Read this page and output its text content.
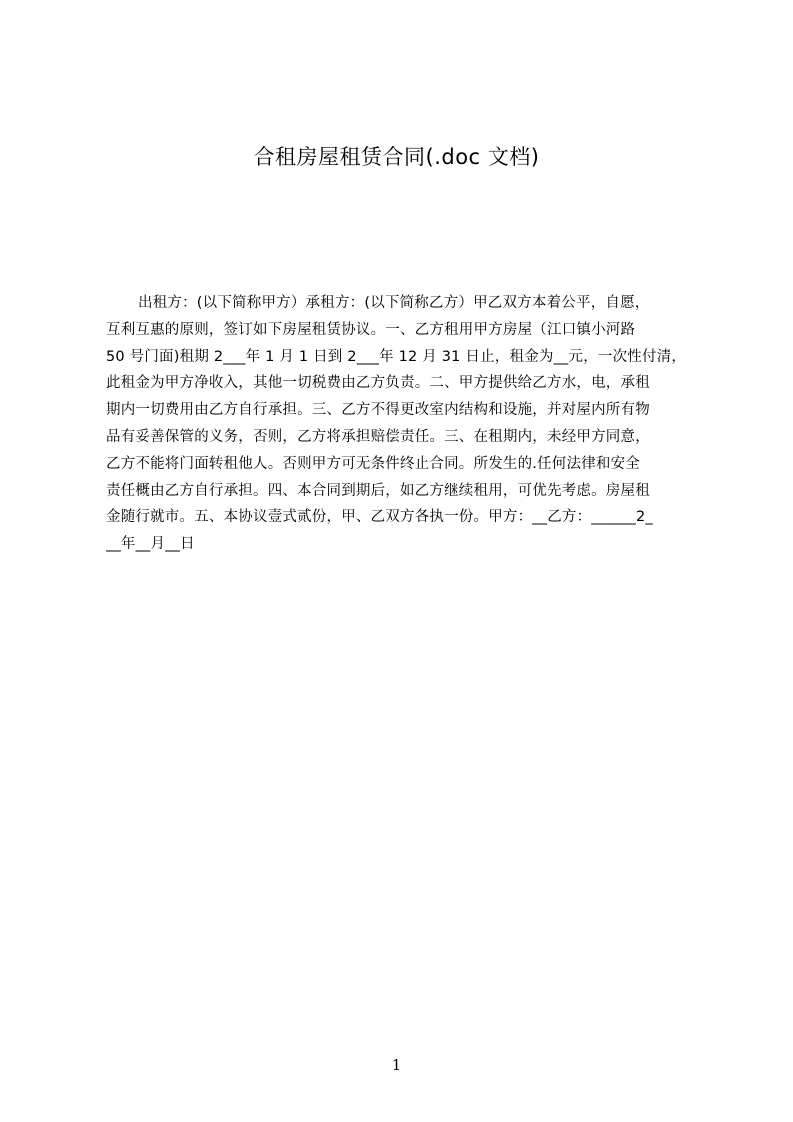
合租房屋租赁合同(.doc 文档)
出租方：(以下简称甲方）承租方：(以下简称乙方）甲乙双方本着公平，自愿，
互利互惠的原则，签订如下房屋租赁协议。一、乙方租用甲方房屋（江口镇小河路
50 号门面)租期 2___年 1 月 1 日到 2___年 12 月 31 日止，租金为__元，一次性付清，
此租金为甲方净收入，其他一切税费由乙方负责。二、甲方提供给乙方水，电，承租
期内一切费用由乙方自行承担。三、乙方不得更改室内结构和设施，并对屋内所有物
品有妥善保管的义务，否则，乙方将承担赔偿责任。三、在租期内，未经甲方同意，
乙方不能将门面转租他人。否则甲方可无条件终止合同。所发生的.任何法律和安全
责任概由乙方自行承担。四、本合同到期后，如乙方继续租用，可优先考虑。房屋租
金随行就市。五、本协议壹式贰份，甲、乙双方各执一份。甲方：__乙方：______2_
__年__月__日
1
